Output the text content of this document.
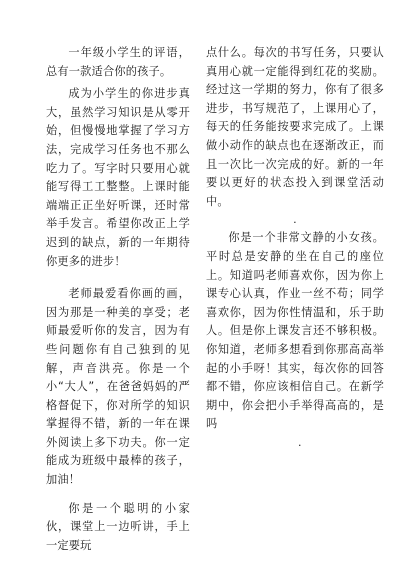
一年级小学生的评语，总有一款适合你的孩子。

成为小学生的你进步真大，虽然学习知识是从零开始，但慢慢地掌握了学习方法，完成学习任务也不那么吃力了。写字时只要用心就能写得工工整整。上课时能端端正正坐好听课，还时常举手发言。希望你改正上学迟到的缺点，新的一年期待你更多的进步！

老师最爱看你画的画，因为那是一种美的享受；老师最爱听你的发言，因为有些问题你有自己独到的见解，声音洪亮。你是一个小“大人”，在爸爸妈妈的严格督促下，你对所学的知识掌握得不错，新的一年在课外阅读上多下功夫。你一定能成为班级中最棒的孩子，加油！

你是一个聪明的小家伙，课堂上一边听讲，手上一定要玩

点什么。每次的书写任务，只要认真用心就一定能得到红花的奖励。经过这一学期的努力，你有了很多进步，书写规范了，上课用心了，每天的任务能按要求完成了。上课做小动作的缺点也在逐渐改正，而且一次比一次完成的好。新的一年要以更好的状态投入到课堂活动中。

.

你是一个非常文静的小女孩。平时总是安静的坐在自己的座位上。知道吗老师喜欢你，因为你上课专心认真，作业一丝不苟；同学喜欢你，因为你性情温和，乐于助人。但是你上课发言还不够积极。你知道，老师多想看到你那高高举起的小手呀！其实，每次你的回答都不错，你应该相信自己。在新学期中，你会把小手举得高高的，是吗

.
